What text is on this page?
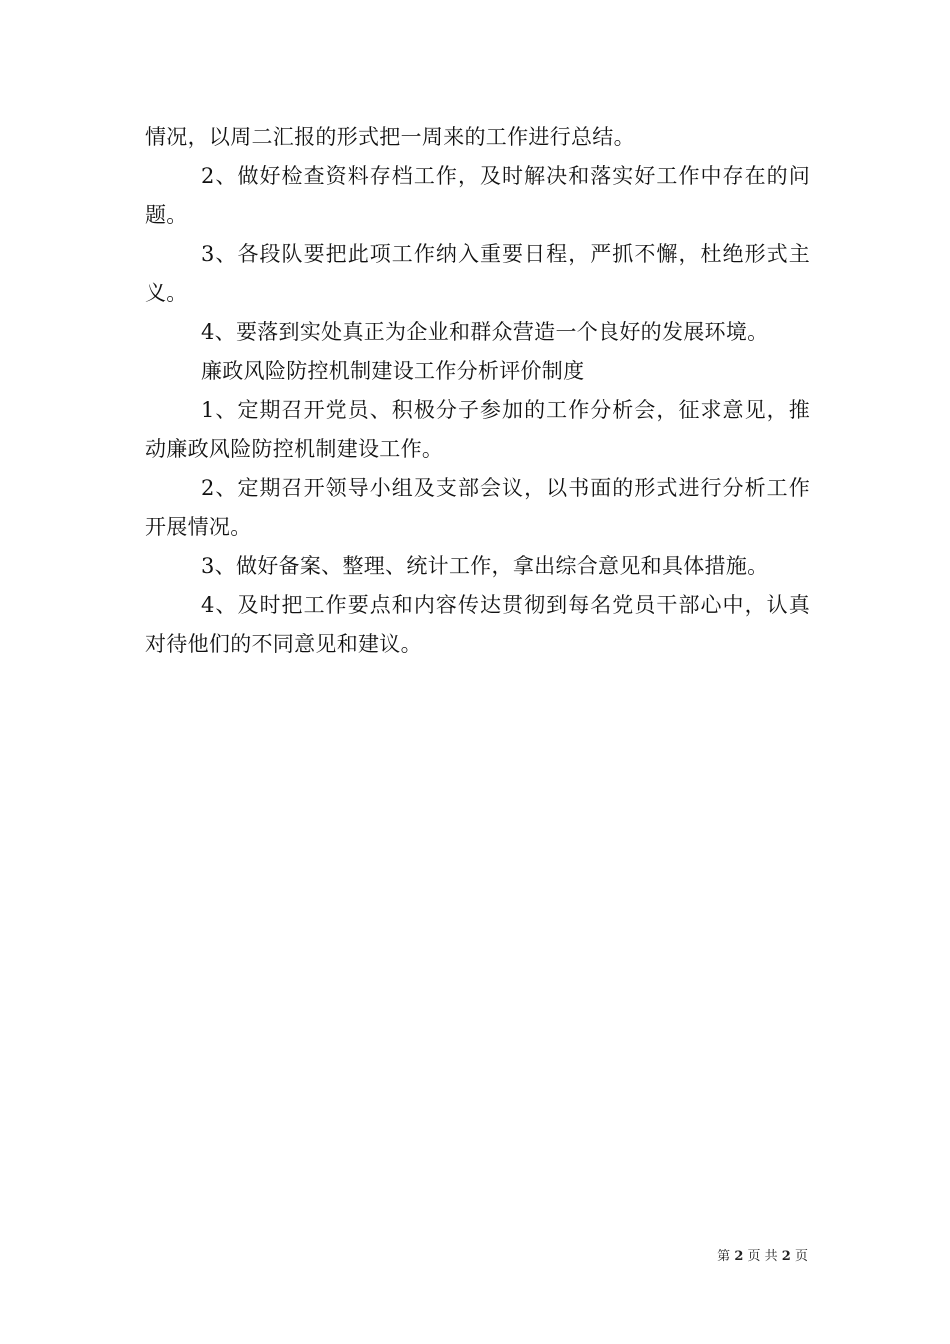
情况，以周二汇报的形式把一周来的工作进行总结。

2、做好检查资料存档工作，及时解决和落实好工作中存在的问题。

3、各段队要把此项工作纳入重要日程，严抓不懈，杜绝形式主义。

4、要落到实处真正为企业和群众营造一个良好的发展环境。

廉政风险防控机制建设工作分析评价制度

1、定期召开党员、积极分子参加的工作分析会，征求意见，推动廉政风险防控机制建设工作。

2、定期召开领导小组及支部会议，以书面的形式进行分析工作开展情况。

3、做好备案、整理、统计工作，拿出综合意见和具体措施。

4、及时把工作要点和内容传达贯彻到每名党员干部心中，认真对待他们的不同意见和建议。

第 2 页 共 2 页
